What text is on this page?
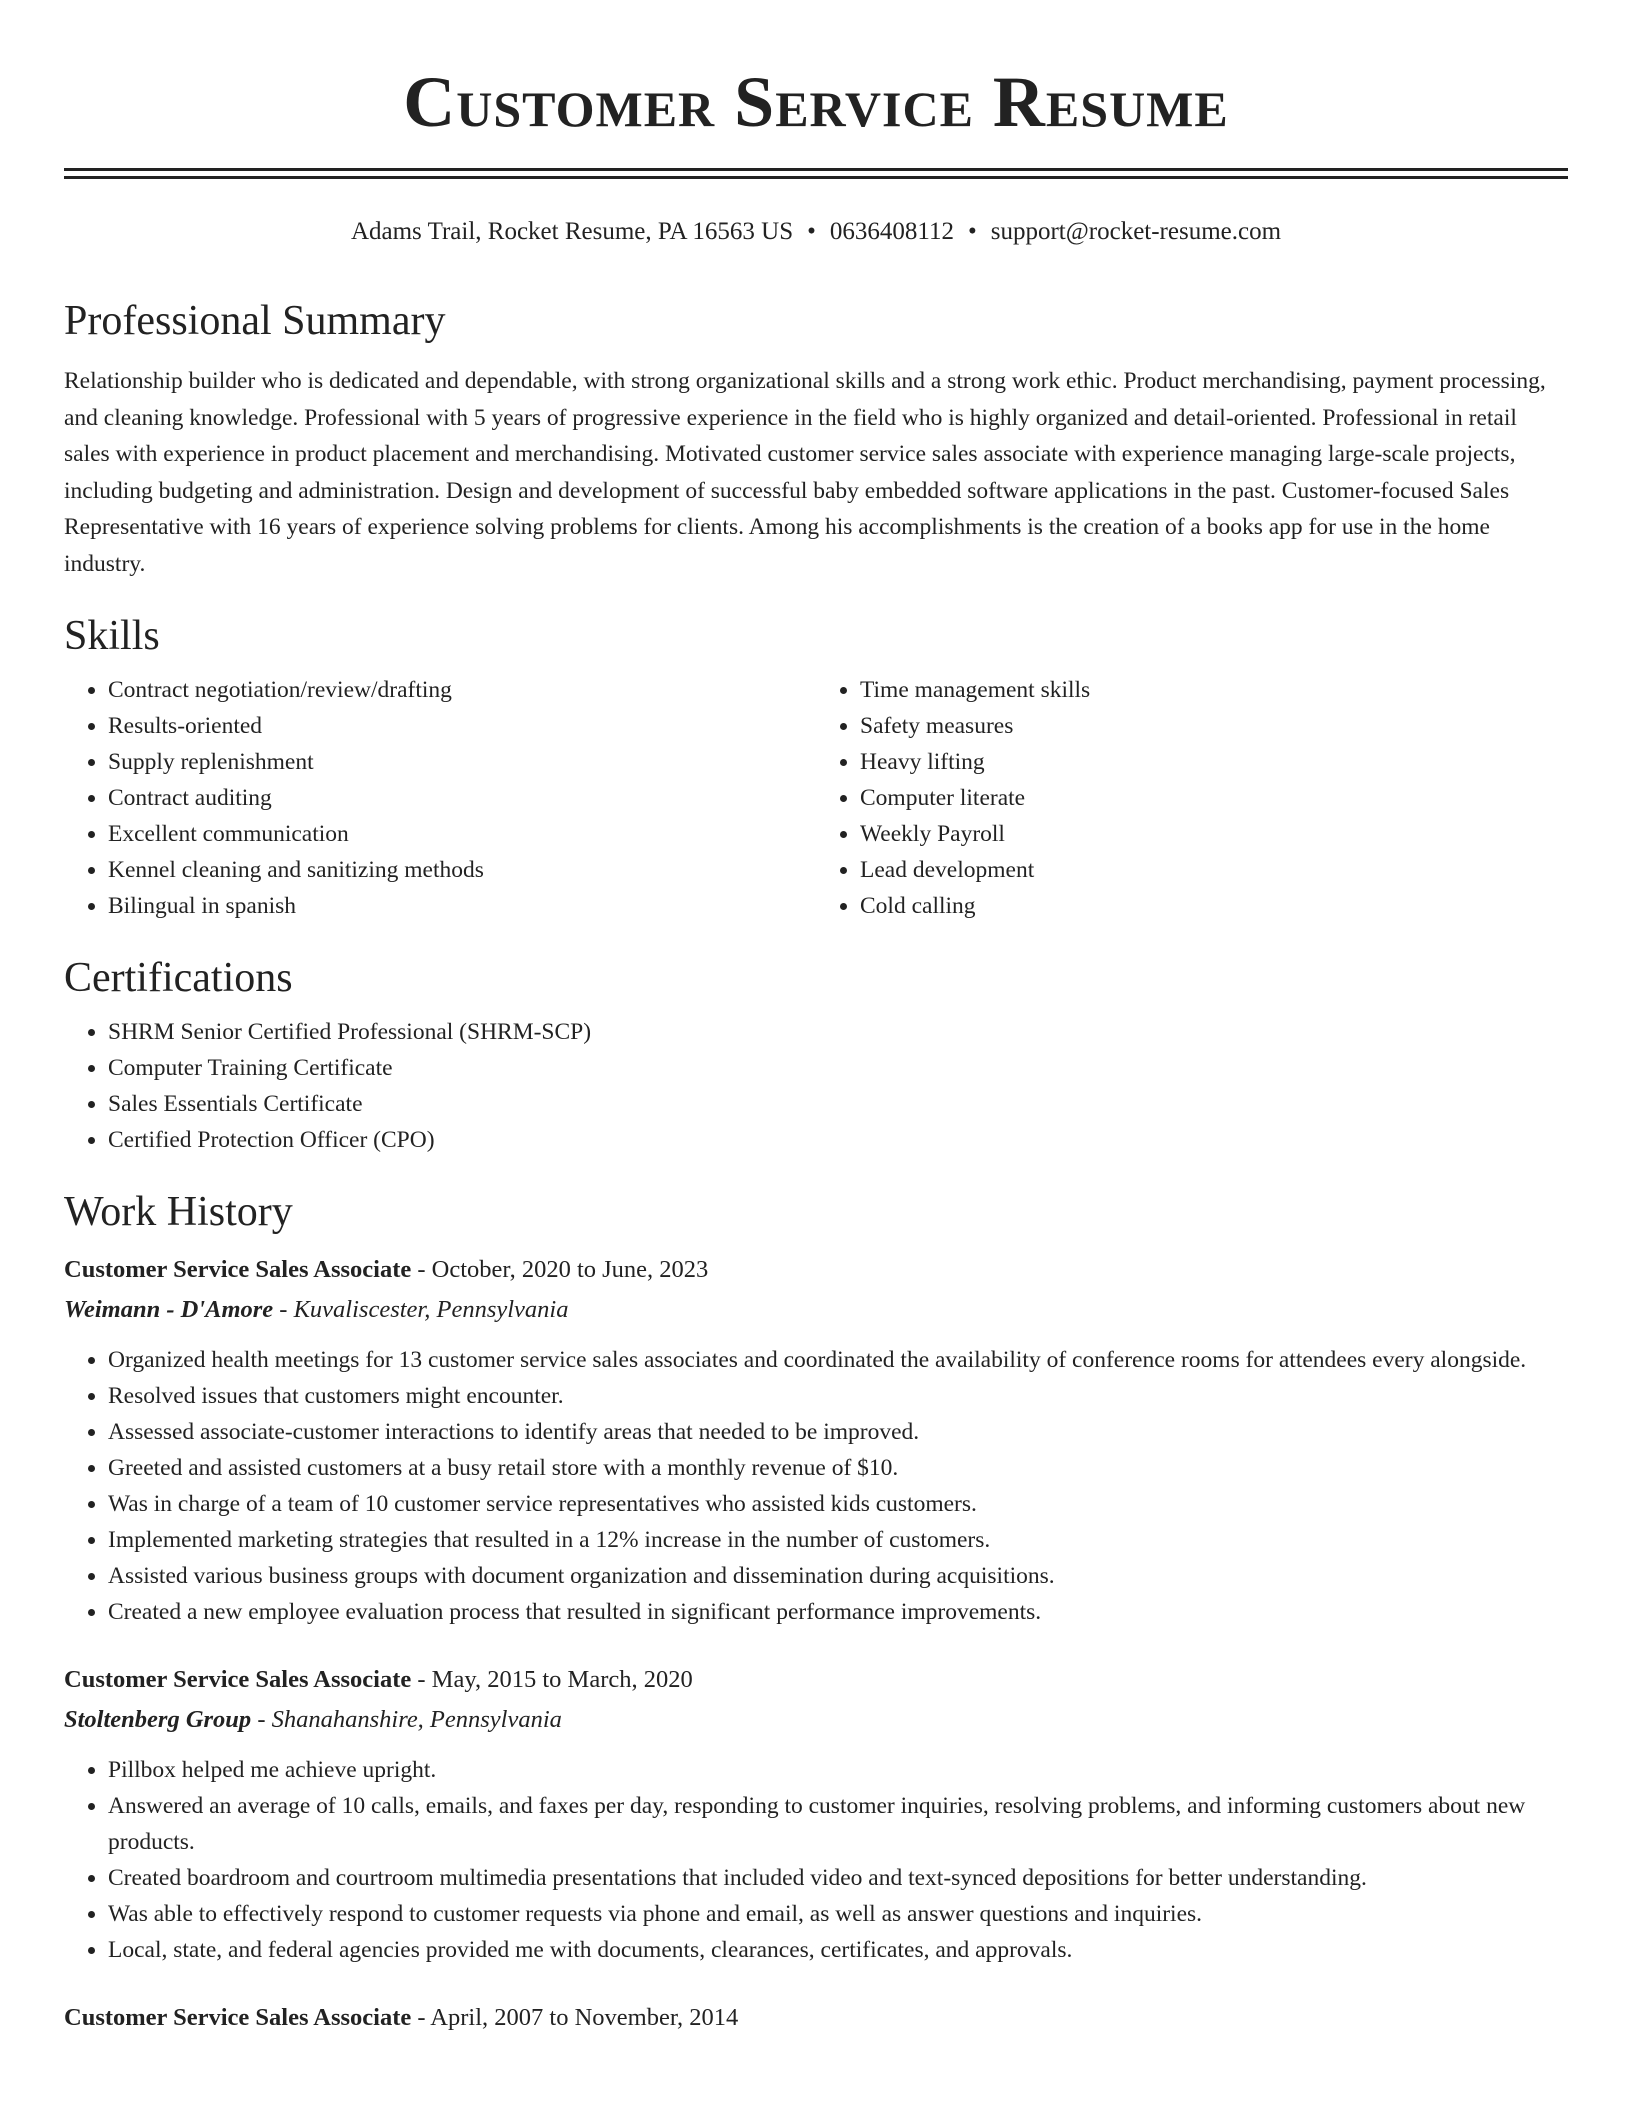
Customer Service Resume
Adams Trail, Rocket Resume, PA 16563 US • 0636408112 • support@rocket-resume.com
Professional Summary

Relationship builder who is dedicated and dependable, with strong organizational skills and a strong work ethic. Product merchandising, payment processing, and cleaning knowledge. Professional with 5 years of progressive experience in the field who is highly organized and detail-oriented. Professional in retail sales with experience in product placement and merchandising. Motivated customer service sales associate with experience managing large-scale projects, including budgeting and administration. Design and development of successful baby embedded software applications in the past. Customer-focused Sales Representative with 16 years of experience solving problems for clients. Among his accomplishments is the creation of a books app for use in the home industry.

Skills
• Contract negotiation/review/drafting
• Results-oriented
• Supply replenishment
• Contract auditing
• Excellent communication
• Kennel cleaning and sanitizing methods
• Bilingual in spanish
• Time management skills
• Safety measures
• Heavy lifting
• Computer literate
• Weekly Payroll
• Lead development
• Cold calling
Certifications
• SHRM Senior Certified Professional (SHRM-SCP)
• Computer Training Certificate
• Sales Essentials Certificate
• Certified Protection Officer (CPO)
Work History
Customer Service Sales Associate - October, 2020 to June, 2023
Weimann - D'Amore - Kuvaliscester, Pennsylvania
• Organized health meetings for 13 customer service sales associates and coordinated the availability of conference rooms for attendees every alongside.
• Resolved issues that customers might encounter.
• Assessed associate-customer interactions to identify areas that needed to be improved.
• Greeted and assisted customers at a busy retail store with a monthly revenue of $10.
• Was in charge of a team of 10 customer service representatives who assisted kids customers.
• Implemented marketing strategies that resulted in a 12% increase in the number of customers.
• Assisted various business groups with document organization and dissemination during acquisitions.
• Created a new employee evaluation process that resulted in significant performance improvements.
Customer Service Sales Associate - May, 2015 to March, 2020
Stoltenberg Group - Shanahanshire, Pennsylvania
• Pillbox helped me achieve upright.
• Answered an average of 10 calls, emails, and faxes per day, responding to customer inquiries, resolving problems, and informing customers about new products.
• Created boardroom and courtroom multimedia presentations that included video and text-synced depositions for better understanding.
• Was able to effectively respond to customer requests via phone and email, as well as answer questions and inquiries.
• Local, state, and federal agencies provided me with documents, clearances, certificates, and approvals.
Customer Service Sales Associate - April, 2007 to November, 2014
